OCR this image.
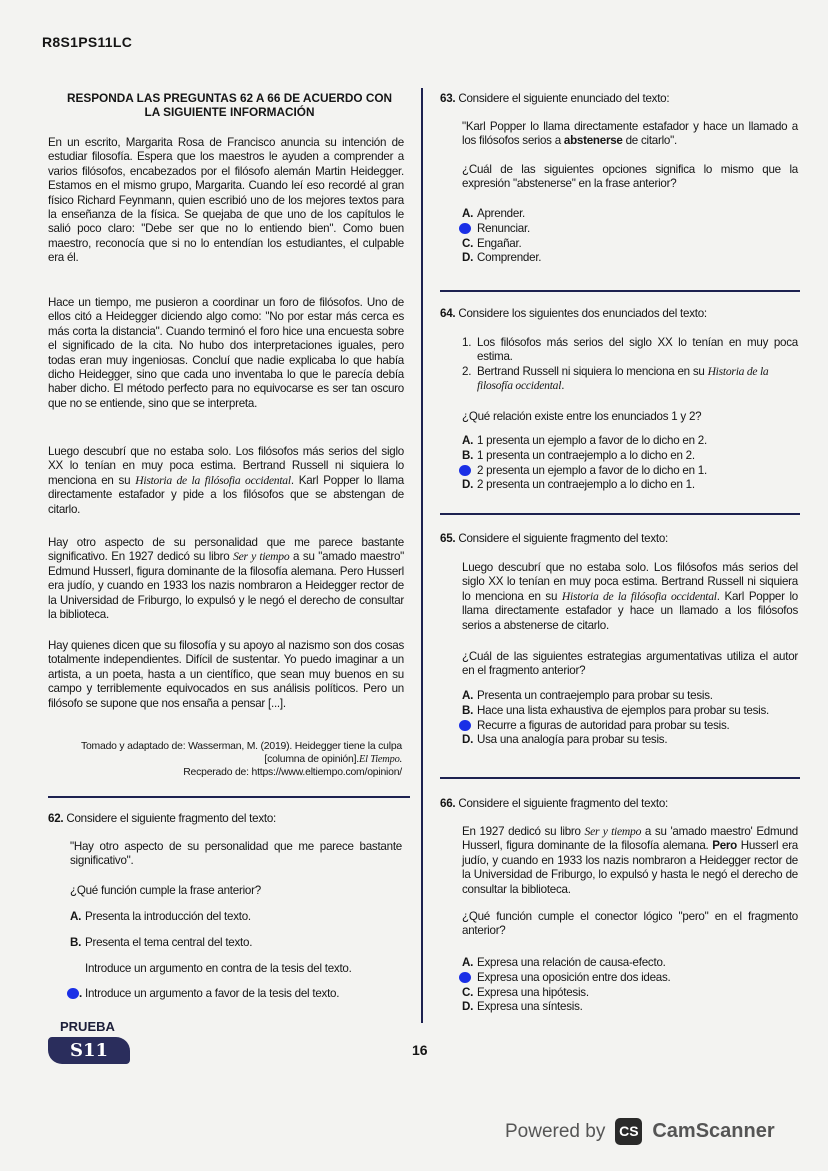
R8S1PS11LC
RESPONDA LAS PREGUNTAS 62 A 66 DE ACUERDO CON LA SIGUIENTE INFORMACIÓN
En un escrito, Margarita Rosa de Francisco anuncia su intención de estudiar filosofía. Espera que los maestros le ayuden a comprender a varios filósofos, encabezados por el filósofo alemán Martin Heidegger. Estamos en el mismo grupo, Margarita. Cuando leí eso recordé al gran físico Richard Feynmann, quien escribió uno de los mejores textos para la enseñanza de la física. Se quejaba de que uno de los capítulos le salió poco claro: "Debe ser que no lo entiendo bien". Como buen maestro, reconocía que si no lo entendían los estudiantes, el culpable era él.
Hace un tiempo, me pusieron a coordinar un foro de filósofos. Uno de ellos citó a Heidegger diciendo algo como: "No por estar más cerca es más corta la distancia". Cuando terminó el foro hice una encuesta sobre el significado de la cita. No hubo dos interpretaciones iguales, pero todas eran muy ingeniosas. Concluí que nadie explicaba lo que había dicho Heidegger, sino que cada uno inventaba lo que le parecía debía haber dicho. El método perfecto para no equivocarse es ser tan oscuro que no se entiende, sino que se interpreta.
Luego descubrí que no estaba solo. Los filósofos más serios del siglo XX lo tenían en muy poca estima. Bertrand Russell ni siquiera lo menciona en su Historia de la filósofia occidental. Karl Popper lo llama directamente estafador y pide a los filósofos que se abstengan de citarlo.
Hay otro aspecto de su personalidad que me parece bastante significativo. En 1927 dedicó su libro Ser y tiempo a su "amado maestro" Edmund Husserl, figura dominante de la filosofía alemana. Pero Husserl era judío, y cuando en 1933 los nazis nombraron a Heidegger rector de la Universidad de Friburgo, lo expulsó y le negó el derecho de consultar la biblioteca.
Hay quienes dicen que su filosofía y su apoyo al nazismo son dos cosas totalmente independientes. Difícil de sustentar. Yo puedo imaginar a un artista, a un poeta, hasta a un científico, que sean muy buenos en su campo y terriblemente equivocados en sus análisis políticos. Pero un filósofo se supone que nos ensaña a pensar [...].
Tomado y adaptado de: Wasserman, M. (2019). Heidegger tiene la culpa [columna de opinión].El Tiempo.
Recperado de: https://www.eltiempo.com/opinion/
62. Considere el siguiente fragmento del texto:
"Hay otro aspecto de su personalidad que me parece bastante significativo".
¿Qué función cumple la frase anterior?
A. Presenta la introducción del texto.
B. Presenta el tema central del texto.
Introduce un argumento en contra de la tesis del texto.
. Introduce un argumento a favor de la tesis del texto.
PRUEBA
S11	16
63. Considere el siguiente enunciado del texto:
"Karl Popper lo llama directamente estafador y hace un llamado a los filósofos serios a abstenerse de citarlo".
¿Cuál de las siguientes opciones significa lo mismo que la expresión "abstenerse" en la frase anterior?
A. Aprender.
Renunciar.
C. Engañar.
D. Comprender.
64. Considere los siguientes dos enunciados del texto:
1. Los filósofos más serios del siglo XX lo tenían en muy poca estima.
2. Bertrand Russell ni siquiera lo menciona en su Historia de la filosofía occidental.
¿Qué relación existe entre los enunciados 1 y 2?
A. 1 presenta un ejemplo a favor de lo dicho en 2.
B. 1 presenta un contraejemplo a lo dicho en 2.
2 presenta un ejemplo a favor de lo dicho en 1.
D. 2 presenta un contraejemplo a lo dicho en 1.
65. Considere el siguiente fragmento del texto:
Luego descubrí que no estaba solo. Los filósofos más serios del siglo XX lo tenían en muy poca estima. Bertrand Russell ni siquiera lo menciona en su Historia de la filósofia occidental. Karl Popper lo llama directamente estafador y hace un llamado a los filósofos serios a abstenerse de citarlo.
¿Cuál de las siguientes estrategias argumentativas utiliza el autor en el fragmento anterior?
A. Presenta un contraejemplo para probar su tesis.
B. Hace una lista exhaustiva de ejemplos para probar su tesis.
Recurre a figuras de autoridad para probar su tesis.
D. Usa una analogía para probar su tesis.
66. Considere el siguiente fragmento del texto:
En 1927 dedicó su libro Ser y tiempo a su 'amado maestro' Edmund Husserl, figura dominante de la filosofía alemana. Pero Husserl era judío, y cuando en 1933 los nazis nombraron a Heidegger rector de la Universidad de Friburgo, lo expulsó y hasta le negó el derecho de consultar la biblioteca.
¿Qué función cumple el conector lógico "pero" en el fragmento anterior?
A. Expresa una relación de causa-efecto.
Expresa una oposición entre dos ideas.
C. Expresa una hipótesis.
D. Expresa una síntesis.
Powered by CS CamScanner
